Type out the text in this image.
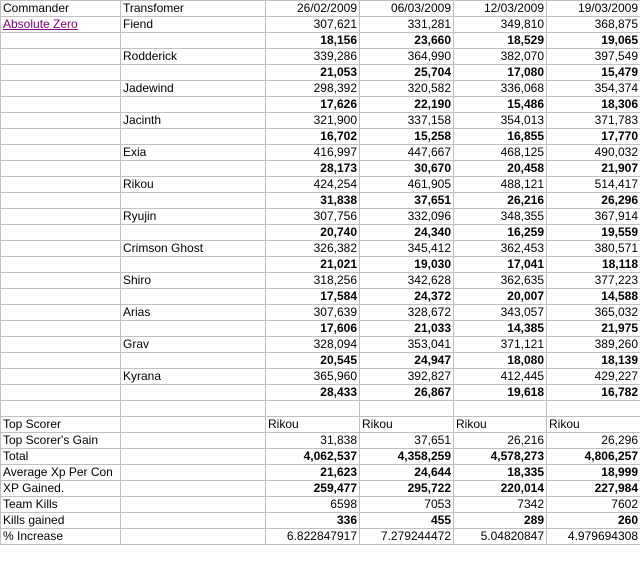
Commander	Transfomer	26/02/2009	06/03/2009	12/03/2009	19/03/2009
Absolute Zero	Fiend	307,621	331,281	349,810	368,875
		18,156	23,660	18,529	19,065
	Rodderick	339,286	364,990	382,070	397,549
		21,053	25,704	17,080	15,479
	Jadewind	298,392	320,582	336,068	354,374
		17,626	22,190	15,486	18,306
	Jacinth	321,900	337,158	354,013	371,783
		16,702	15,258	16,855	17,770
	Exia	416,997	447,667	468,125	490,032
		28,173	30,670	20,458	21,907
	Rikou	424,254	461,905	488,121	514,417
		31,838	37,651	26,216	26,296
	Ryujin	307,756	332,096	348,355	367,914
		20,740	24,340	16,259	19,559
	Crimson Ghost	326,382	345,412	362,453	380,571
		21,021	19,030	17,041	18,118
	Shiro	318,256	342,628	362,635	377,223
		17,584	24,372	20,007	14,588
	Arias	307,639	328,672	343,057	365,032
		17,606	21,033	14,385	21,975
	Grav	328,094	353,041	371,121	389,260
		20,545	24,947	18,080	18,139
	Kyrana	365,960	392,827	412,445	429,227
		28,433	26,867	19,618	16,782

Top Scorer		Rikou	Rikou	Rikou	Rikou
Top Scorer's Gain		31,838	37,651	26,216	26,296
Total		4,062,537	4,358,259	4,578,273	4,806,257
Average Xp Per Con		21,623	24,644	18,335	18,999
XP Gained.		259,477	295,722	220,014	227,984
Team Kills		6598	7053	7342	7602
Kills gained		336	455	289	260
% Increase		6.822847917	7.279244472	5.04820847	4.979694308
